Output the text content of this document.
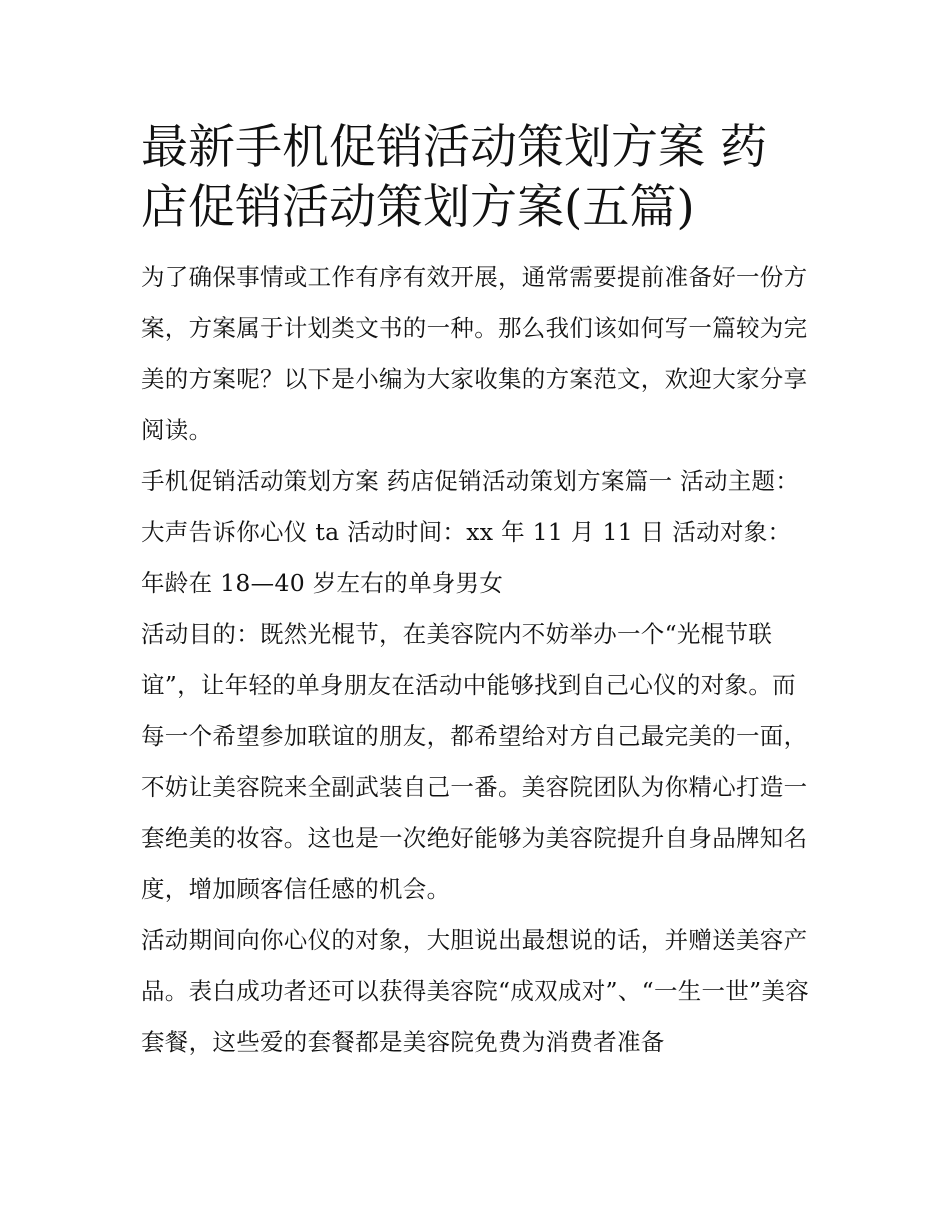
最新手机促销活动策划方案 药店促销活动策划方案(五篇)

为了确保事情或工作有序有效开展，通常需要提前准备好一份方案，方案属于计划类文书的一种。那么我们该如何写一篇较为完美的方案呢？以下是小编为大家收集的方案范文，欢迎大家分享阅读。

手机促销活动策划方案 药店促销活动策划方案篇一 活动主题：大声告诉你心仪 ta 活动时间：xx 年 11 月 11 日 活动对象：年龄在 18—40 岁左右的单身男女

活动目的：既然光棍节，在美容院内不妨举办一个“光棍节联谊”，让年轻的单身朋友在活动中能够找到自己心仪的对象。而每一个希望参加联谊的朋友，都希望给对方自己最完美的一面，不妨让美容院来全副武装自己一番。美容院团队为你精心打造一套绝美的妆容。这也是一次绝好能够为美容院提升自身品牌知名度，增加顾客信任感的机会。

活动期间向你心仪的对象，大胆说出最想说的话，并赠送美容产品。表白成功者还可以获得美容院“成双成对”、“一生一世”美容套餐，这些爱的套餐都是美容院免费为消费者准备
